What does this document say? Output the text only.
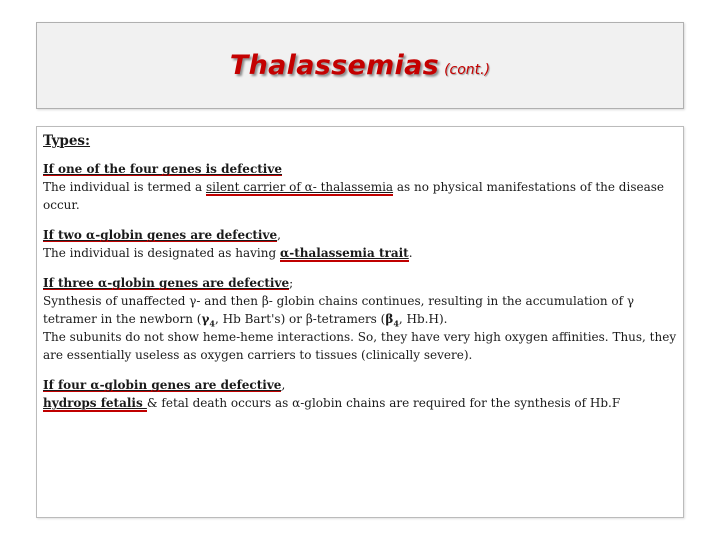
Thalassemias (cont.)
Types:
If one of the four genes is defective
The individual is termed a silent carrier of α- thalassemia as no physical manifestations of the disease occur.
If two α-globin genes are defective,
The individual is designated as having α-thalassemia trait.
If three α-globin genes are defective;
Synthesis of unaffected γ- and then β- globin chains continues, resulting in the accumulation of γ tetramer in the newborn ($\gamma_4$, Hb Bart's) or β-tetramers ($\beta_4$, Hb.H).
The subunits do not show heme-heme interactions. So, they have very high oxygen affinities. Thus, they are essentially useless as oxygen carriers to tissues (clinically severe).
If four α-globin genes are defective,
hydrops fetalis & fetal death occurs as α-globin chains are required for the synthesis of Hb.F
